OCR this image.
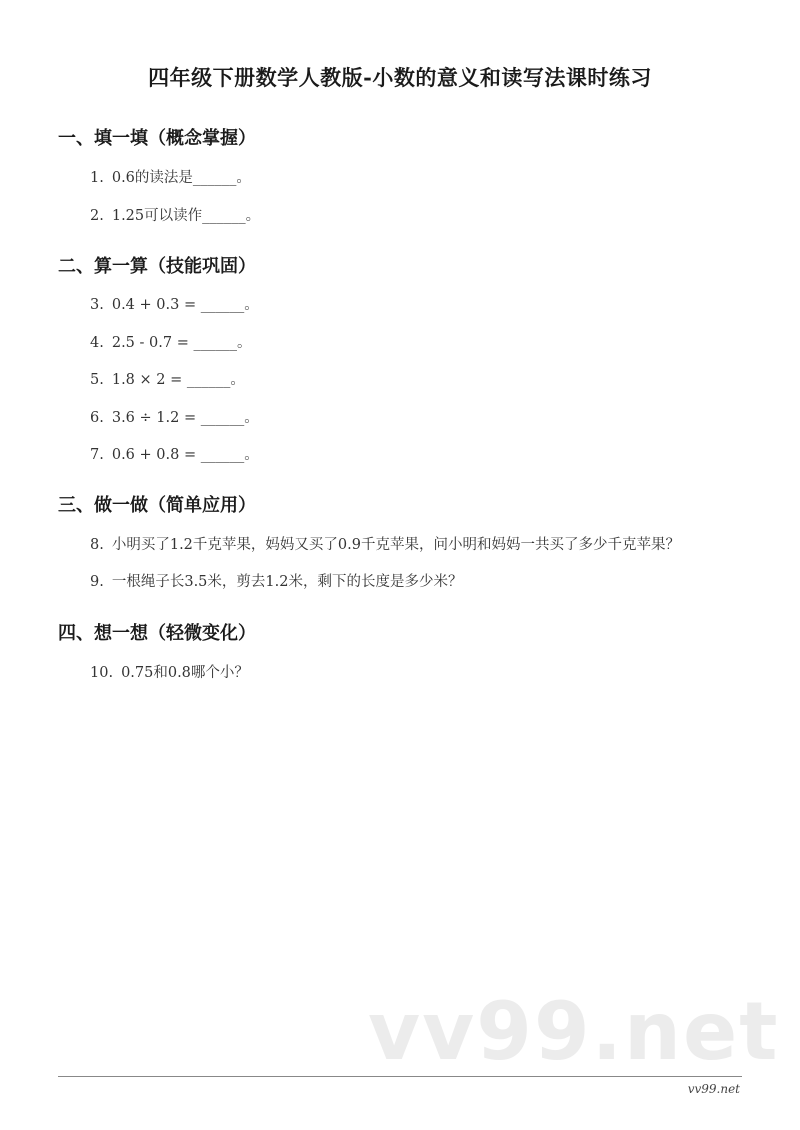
四年级下册数学人教版-小数的意义和读写法课时练习
一、填一填（概念掌握）
1. 0.6的读法是______。
2. 1.25可以读作______。
二、算一算（技能巩固）
3. 0.4 + 0.3 = ______。
4. 2.5 - 0.7 = ______。
5. 1.8 × 2 = ______。
6. 3.6 ÷ 1.2 = ______。
7. 0.6 + 0.8 = ______。
三、做一做（简单应用）
8. 小明买了1.2千克苹果，妈妈又买了0.9千克苹果，问小明和妈妈一共买了多少千克苹果？
9. 一根绳子长3.5米，剪去1.2米，剩下的长度是多少米？
四、想一想（轻微变化）
10. 0.75和0.8哪个小？
vv99.net
vv99.net
